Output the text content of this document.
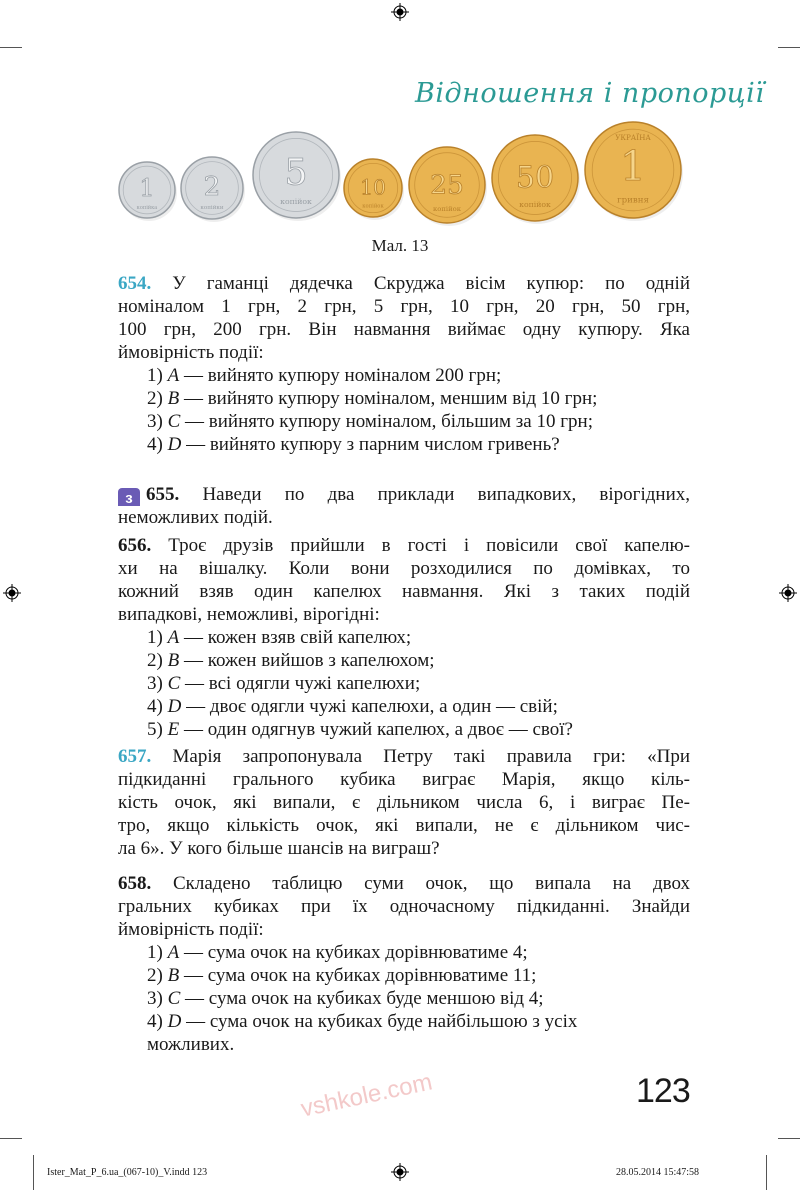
vshkole.com
Відношення і пропорції
1
копійка
2
копійки
5
копійок
10
копійок
25
копійок
50
копійок
1
гривня
УКРАЇНА
Мал. 13
654. У гаманці дядечка Скруджа вісім купюр: по одній
номіналом 1 грн, 2 грн, 5 грн, 10 грн, 20 грн, 50 грн,
100 грн, 200 грн. Він навмання виймає одну купюру. Яка
ймовірність події:
1) A — вийнято купюру номіналом 200 грн;
2) B — вийнято купюру номіналом, меншим від 10 грн;
3) C — вийнято купюру номіналом, більшим за 10 грн;
4) D — вийнято купюру з парним числом гривень?
з 655. Наведи по два приклади випадкових, вірогідних,
неможливих подій.
656. Троє друзів прийшли в гості і повісили свої капелю-
хи на вішалку. Коли вони розходилися по домівках, то
кожний взяв один капелюх навмання. Які з таких подій
випадкові, неможливі, вірогідні:
1) A — кожен взяв свій капелюх;
2) B — кожен вийшов з капелюхом;
3) C — всі одягли чужі капелюхи;
4) D — двоє одягли чужі капелюхи, а один — свій;
5) E — один одягнув чужий капелюх, а двоє — свої?
657. Марія запропонувала Петру такі правила гри: «При
підкиданні грального кубика виграє Марія, якщо кіль-
кість очок, які випали, є дільником числа 6, і виграє Пе-
тро, якщо кількість очок, які випали, не є дільником чис-
ла 6». У кого більше шансів на виграш?
658. Складено таблицю суми очок, що випала на двох
гральних кубиках при їх одночасному підкиданні. Знайди
ймовірність події:
1) A — сума очок на кубиках дорівнюватиме 4;
2) B — сума очок на кубиках дорівнюватиме 11;
3) C — сума очок на кубиках буде меншою від 4;
4) D — сума очок на кубиках буде найбільшою з усіх
можливих.
123
Ister_Mat_P_6.ua_(067-10)_V.indd 123	28.05.2014 15:47:58
